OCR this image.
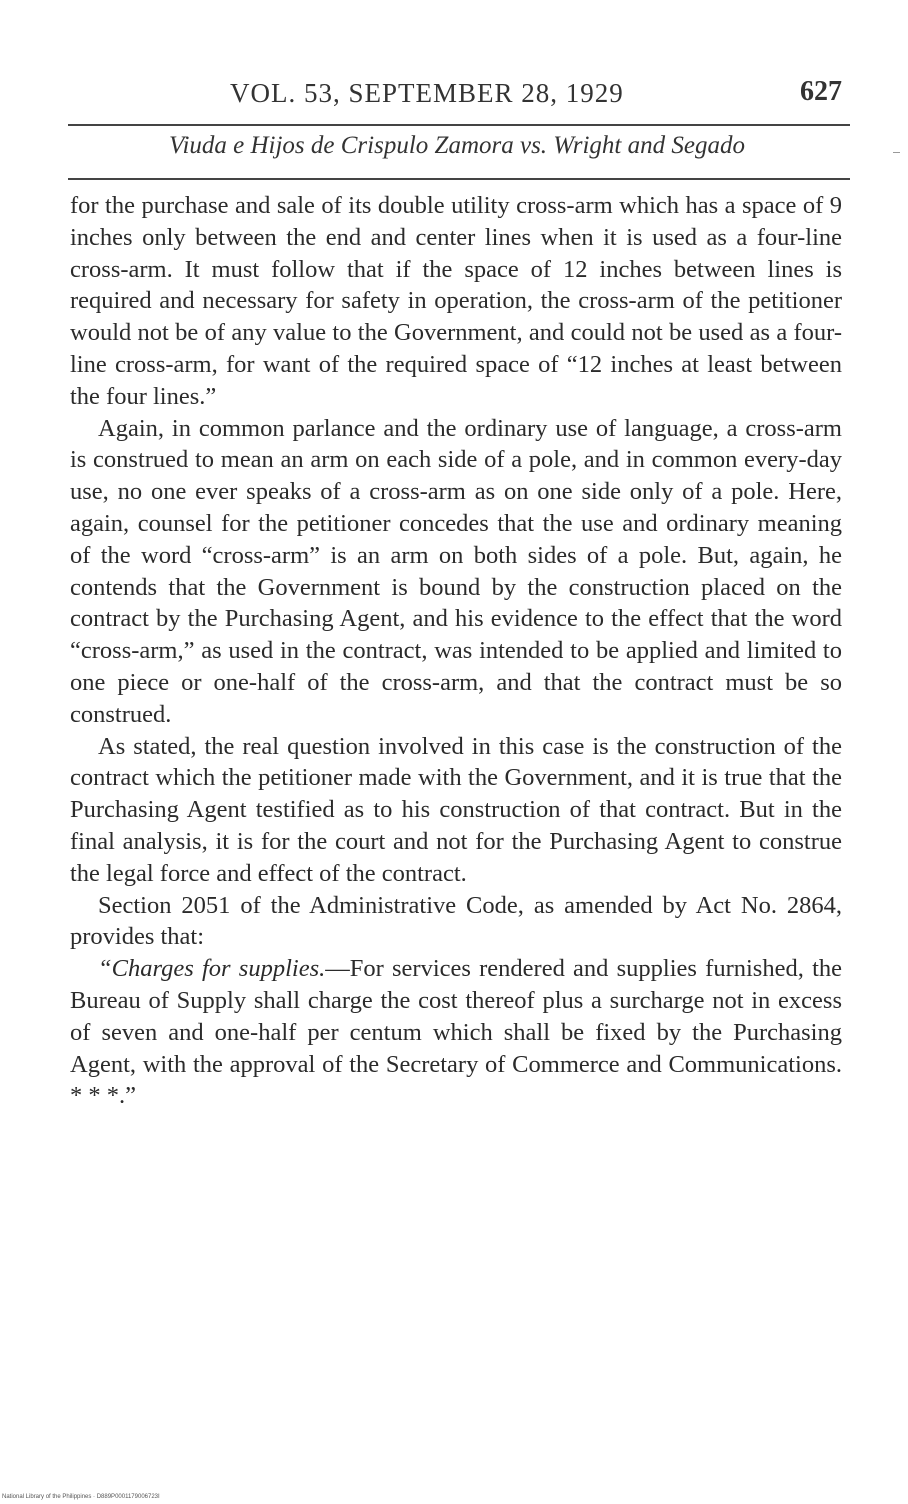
VOL. 53, SEPTEMBER 28, 1929	627
Viuda e Hijos de Crispulo Zamora vs. Wright and Segado

for the purchase and sale of its double utility cross-arm which has a space of 9 inches only between the end and center lines when it is used as a four-line cross-arm. It must follow that if the space of 12 inches between lines is required and necessary for safety in operation, the cross-arm of the petitioner would not be of any value to the Government, and could not be used as a four-line cross-arm, for want of the required space of “12 inches at least between the four lines.”

Again, in common parlance and the ordinary use of language, a cross-arm is construed to mean an arm on each side of a pole, and in common every-day use, no one ever speaks of a cross-arm as on one side only of a pole. Here, again, counsel for the petitioner concedes that the use and ordinary meaning of the word “cross-arm” is an arm on both sides of a pole. But, again, he contends that the Government is bound by the construction placed on the contract by the Purchasing Agent, and his evidence to the effect that the word “cross-arm,” as used in the contract, was intended to be applied and limited to one piece or one-half of the cross-arm, and that the contract must be so construed.

As stated, the real question involved in this case is the construction of the contract which the petitioner made with the Government, and it is true that the Purchasing Agent testified as to his construction of that contract. But in the final analysis, it is for the court and not for the Purchasing Agent to construe the legal force and effect of the contract.

Section 2051 of the Administrative Code, as amended by Act No. 2864, provides that:

“Charges for supplies.—For services rendered and supplies furnished, the Bureau of Supply shall charge the cost thereof plus a surcharge not in excess of seven and one-half per centum which shall be fixed by the Purchasing Agent, with the approval of the Secretary of Commerce and Communications. * * *.”

National Library of the Philippines · D889P0001179006723I
